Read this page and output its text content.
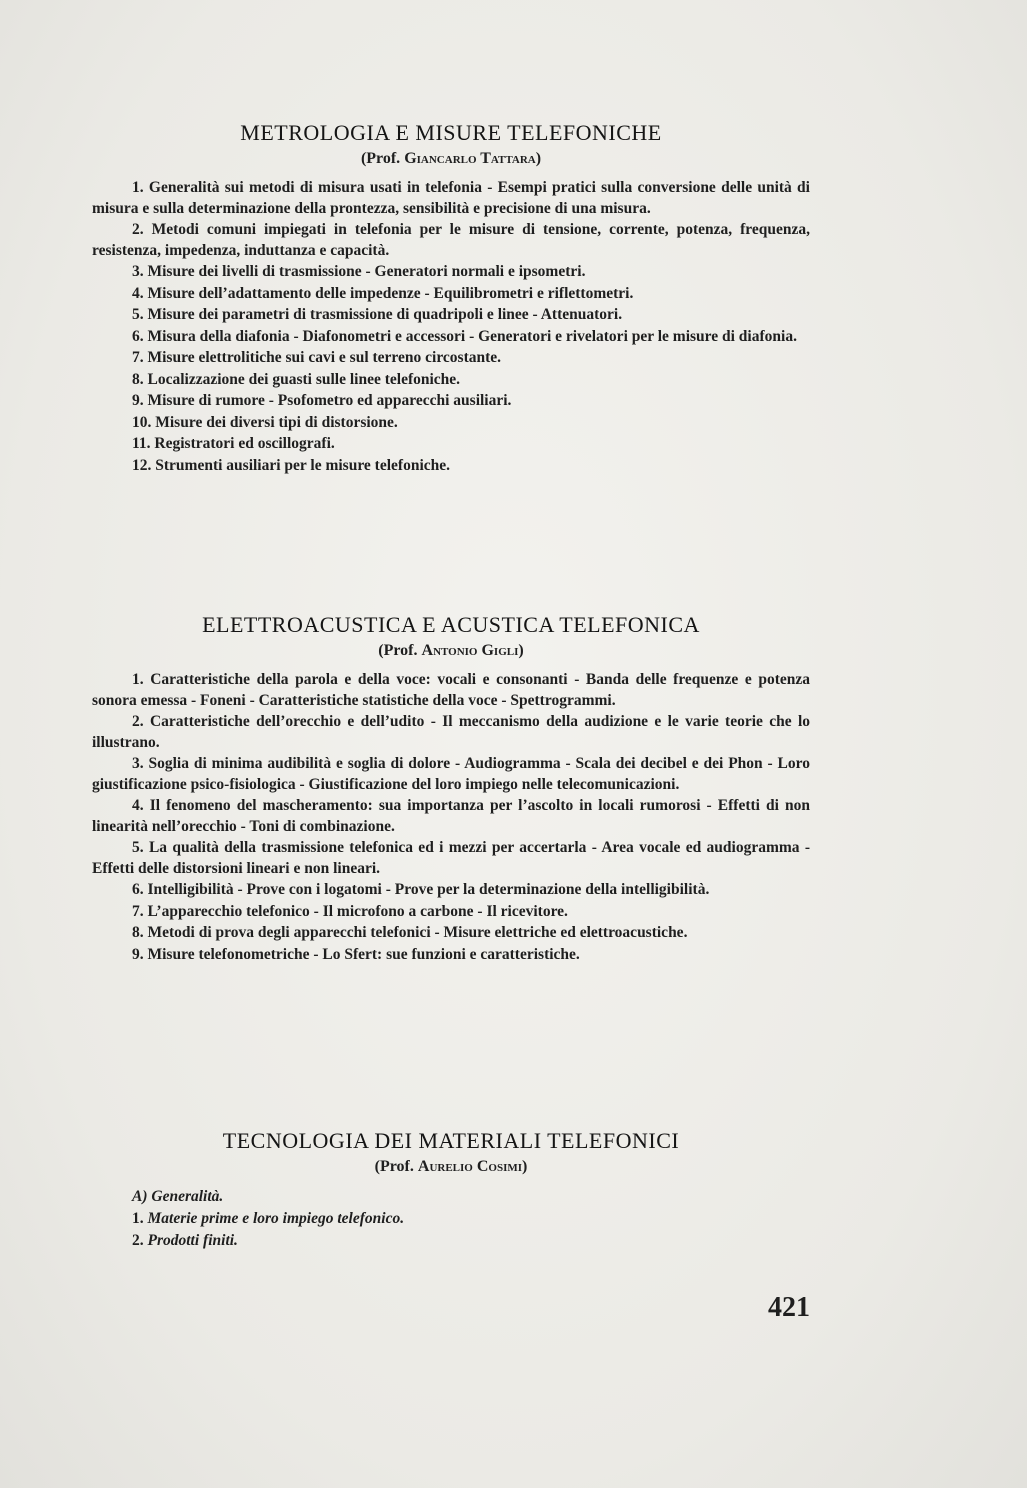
METROLOGIA E MISURE TELEFONICHE
(Prof. Giancarlo Tattara)

1. Generalità sui metodi di misura usati in telefonia - Esempi pratici sulla conversione delle unità di misura e sulla determinazione della prontezza, sensibilità e precisione di una misura.

2. Metodi comuni impiegati in telefonia per le misure di tensione, corrente, potenza, frequenza, resistenza, impedenza, induttanza e capacità.

3. Misure dei livelli di trasmissione - Generatori normali e ipsometri.

4. Misure dell’adattamento delle impedenze - Equilibrometri e riflettometri.

5. Misure dei parametri di trasmissione di quadripoli e linee - Attenuatori.

6. Misura della diafonia - Diafonometri e accessori - Generatori e rivelatori per le misure di diafonia.

7. Misure elettrolitiche sui cavi e sul terreno circostante.

8. Localizzazione dei guasti sulle linee telefoniche.

9. Misure di rumore - Psofometro ed apparecchi ausiliari.

10. Misure dei diversi tipi di distorsione.

11. Registratori ed oscillografi.

12. Strumenti ausiliari per le misure telefoniche.

ELETTROACUSTICA E ACUSTICA TELEFONICA
(Prof. Antonio Gigli)

1. Caratteristiche della parola e della voce: vocali e consonanti - Banda delle frequenze e potenza sonora emessa - Foneni - Caratteristiche statistiche della voce - Spettrogrammi.

2. Caratteristiche dell’orecchio e dell’udito - Il meccanismo della audizione e le varie teorie che lo illustrano.

3. Soglia di minima audibilità e soglia di dolore - Audiogramma - Scala dei decibel e dei Phon - Loro giustificazione psico-fisiologica - Giustificazione del loro impiego nelle telecomunicazioni.

4. Il fenomeno del mascheramento: sua importanza per l’ascolto in locali rumorosi - Effetti di non linearità nell’orecchio - Toni di combinazione.

5. La qualità della trasmissione telefonica ed i mezzi per accertarla - Area vocale ed audiogramma - Effetti delle distorsioni lineari e non lineari.

6. Intelligibilità - Prove con i logatomi - Prove per la determinazione della intelligibilità.

7. L’apparecchio telefonico - Il microfono a carbone - Il ricevitore.

8. Metodi di prova degli apparecchi telefonici - Misure elettriche ed elettroacustiche.

9. Misure telefonometriche - Lo Sfert: sue funzioni e caratteristiche.

TECNOLOGIA DEI MATERIALI TELEFONICI
(Prof. Aurelio Cosimi)

A) Generalità.

1. Materie prime e loro impiego telefonico.

2. Prodotti finiti.

421
